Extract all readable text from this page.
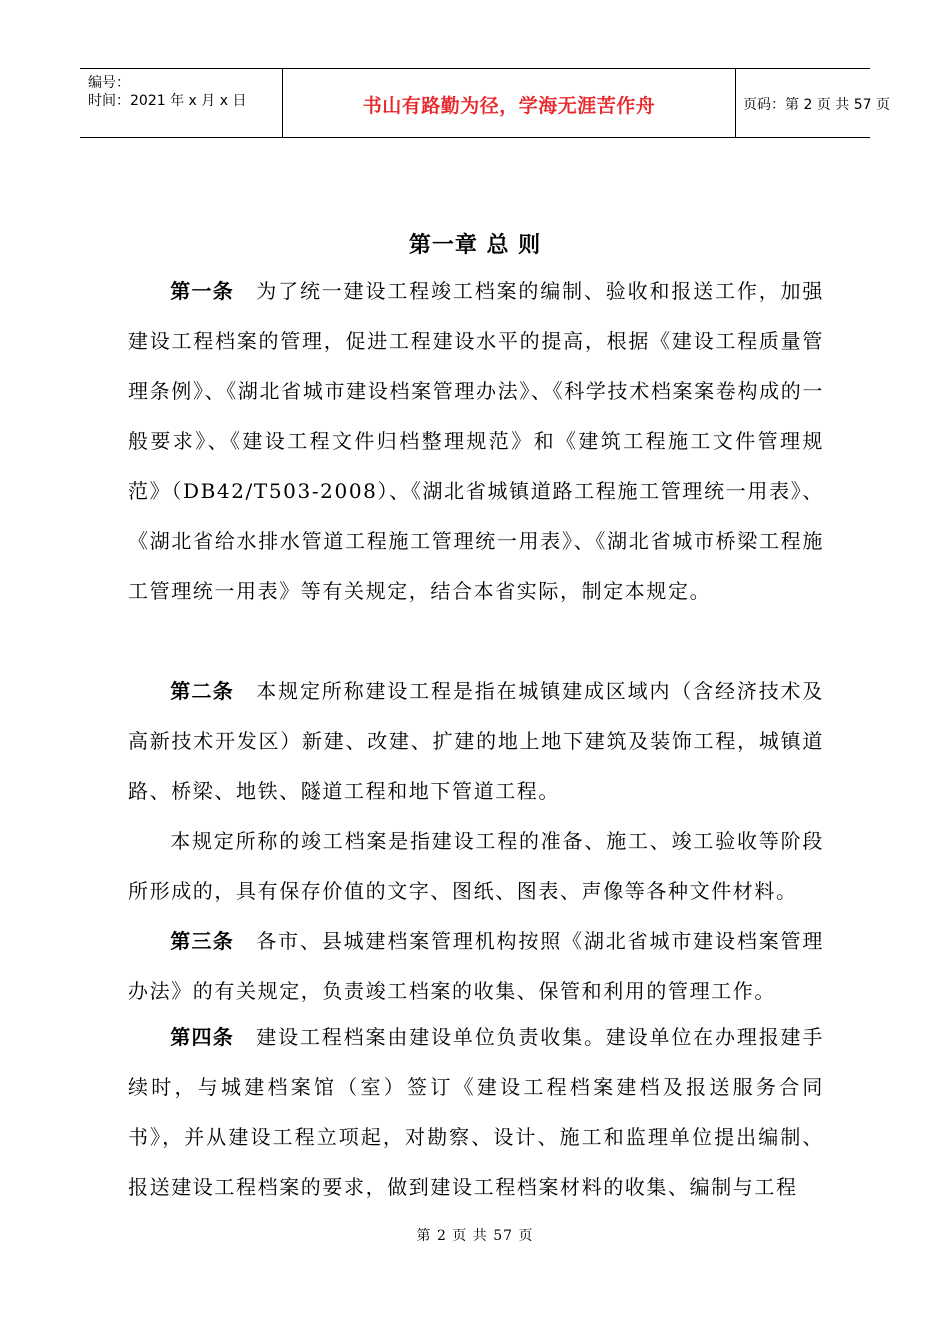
编号：
时间：2021 年 x 月 x 日	书山有路勤为径，学海无涯苦作舟	页码：第 2 页 共 57 页
第一章 总 则
第一条 为了统一建设工程竣工档案的编制、验收和报送工作，加强建设工程档案的管理，促进工程建设水平的提高，根据《建设工程质量管理条例》、《湖北省城市建设档案管理办法》、《科学技术档案案卷构成的一般要求》、《建设工程文件归档整理规范》和《建筑工程施工文件管理规范》（DB42/T503-2008）、《湖北省城镇道路工程施工管理统一用表》、《湖北省给水排水管道工程施工管理统一用表》、《湖北省城市桥梁工程施工管理统一用表》等有关规定，结合本省实际，制定本规定。
第二条 本规定所称建设工程是指在城镇建成区域内（含经济技术及高新技术开发区）新建、改建、扩建的地上地下建筑及装饰工程，城镇道路、桥梁、地铁、隧道工程和地下管道工程。
本规定所称的竣工档案是指建设工程的准备、施工、竣工验收等阶段所形成的，具有保存价值的文字、图纸、图表、声像等各种文件材料。
第三条 各市、县城建档案管理机构按照《湖北省城市建设档案管理办法》的有关规定，负责竣工档案的收集、保管和利用的管理工作。
第四条 建设工程档案由建设单位负责收集。建设单位在办理报建手续时，与城建档案馆（室）签订《建设工程档案建档及报送服务合同书》，并从建设工程立项起，对勘察、设计、施工和监理单位提出编制、报送建设工程档案的要求，做到建设工程档案材料的收集、编制与工程
第 2 页 共 57 页
